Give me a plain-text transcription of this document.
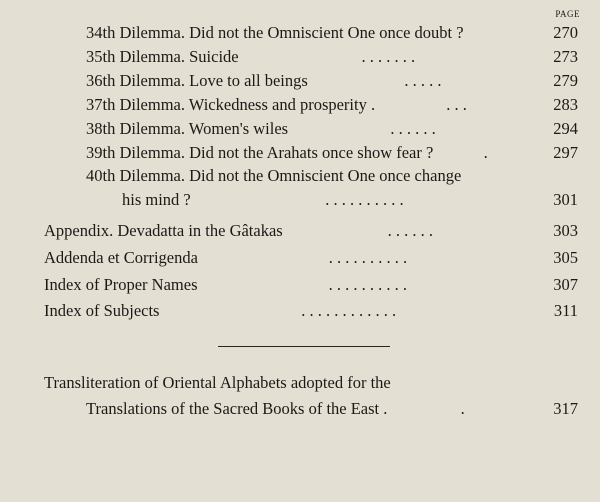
PAGE
34th Dilemma. Did not the Omniscient One once doubt ?	270
35th Dilemma. Suicide	. . . . . . .	273
36th Dilemma. Love to all beings	. . . . .	279
37th Dilemma. Wickedness and prosperity .	. . .	283
38th Dilemma. Women's wiles	. . . . . .	294
39th Dilemma. Did not the Arahats once show fear ?	.	297
40th Dilemma. Did not the Omniscient One once change
his mind ?	. . . . . . . . . .	301
Appendix. Devadatta in the Gâtakas	. . . . . .	303
Addenda et Corrigenda	. . . . . . . . . .	305
Index of Proper Names	. . . . . . . . . .	307
Index of Subjects	. . . . . . . . . . . .	311
Transliteration of Oriental Alphabets adopted for the
Translations of the Sacred Books of the East .	.	317
